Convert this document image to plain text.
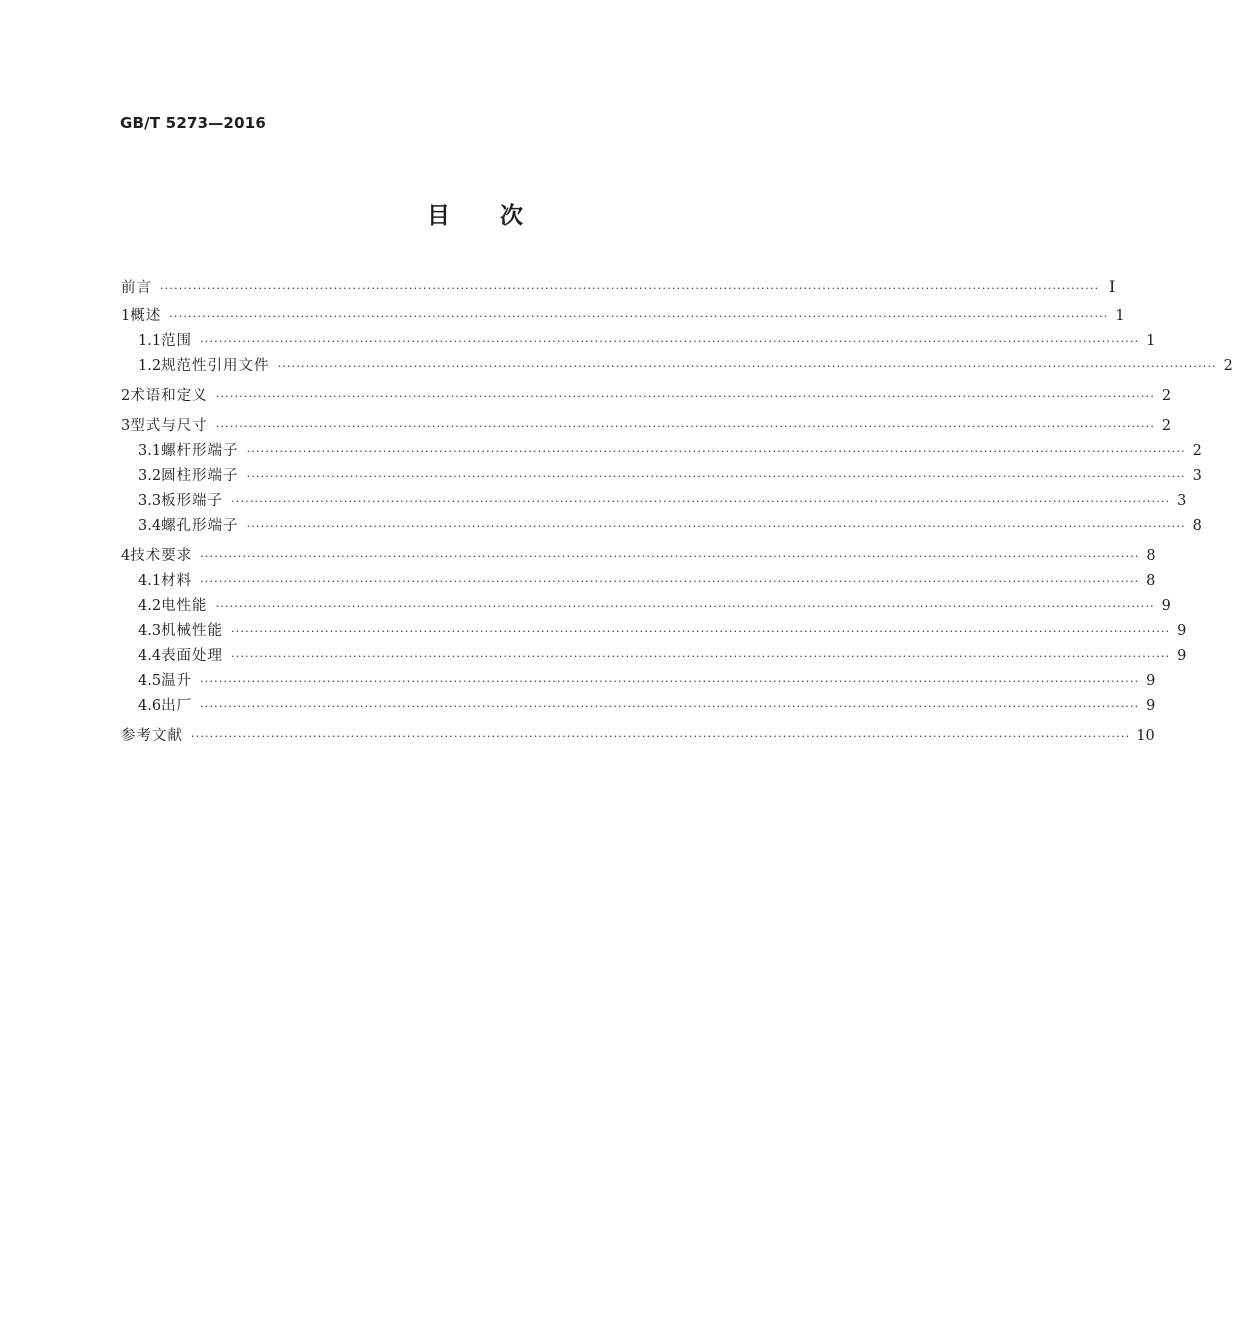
GB/T 5273—2016
目次
前言 ········································································································································································································ Ⅰ
1 概述 ········································································································································································································ 1
1.1 范围 ········································································································································································································ 1
1.2 规范性引用文件 ········································································································································································································ 2
2 术语和定义 ········································································································································································································ 2
3 型式与尺寸 ········································································································································································································ 2
3.1 螺杆形端子 ········································································································································································································ 2
3.2 圆柱形端子 ········································································································································································································ 3
3.3 板形端子 ········································································································································································································ 3
3.4 螺孔形端子 ········································································································································································································ 8
4 技术要求 ········································································································································································································ 8
4.1 材料 ········································································································································································································ 8
4.2 电性能 ········································································································································································································ 9
4.3 机械性能 ········································································································································································································ 9
4.4 表面处理 ········································································································································································································ 9
4.5 温升 ········································································································································································································ 9
4.6 出厂 ········································································································································································································ 9
参考文献 ········································································································································································································ 10
